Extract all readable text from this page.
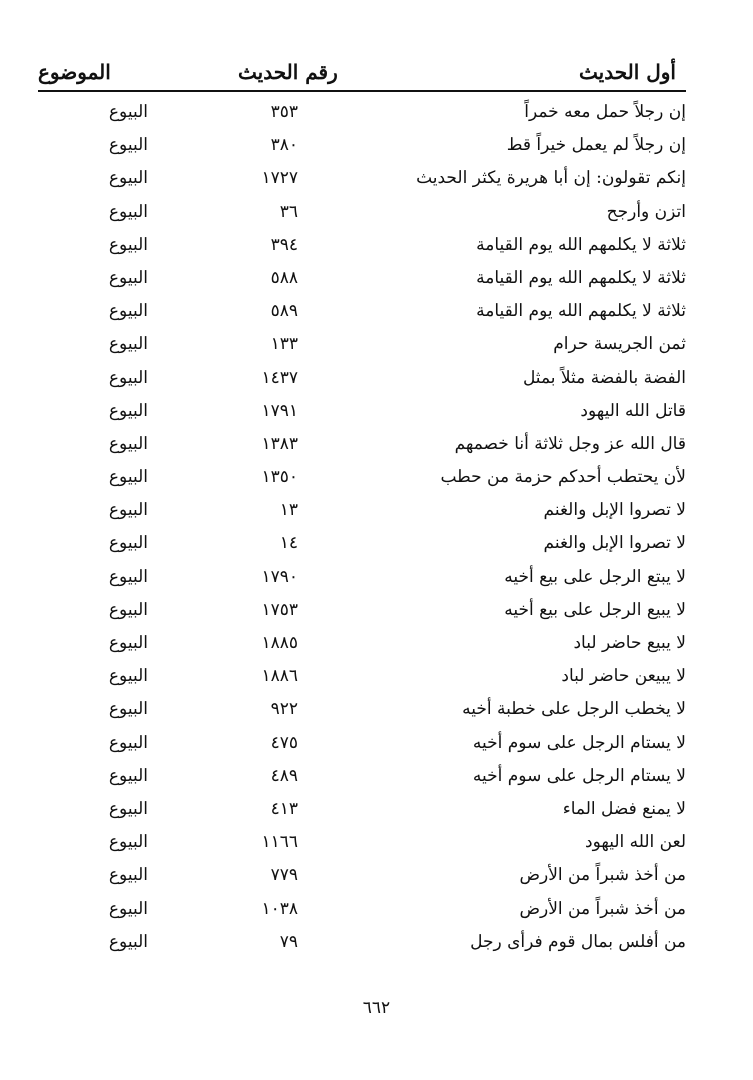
أول الحديث
رقم الحديث
الموضوع
إن رجلاً حمل معه خمراً
٣٥٣
البيوع
إن رجلاً لم يعمل خيراً قط
٣٨٠
البيوع
إنكم تقولون: إن أبا هريرة يكثر الحديث
١٧٢٧
البيوع
اتزن وأرجح
٣٦
البيوع
ثلاثة لا يكلمهم الله يوم القيامة
٣٩٤
البيوع
ثلاثة لا يكلمهم الله يوم القيامة
٥٨٨
البيوع
ثلاثة لا يكلمهم الله يوم القيامة
٥٨٩
البيوع
ثمن الجريسة حرام
١٣٣
البيوع
الفضة بالفضة مثلاً بمثل
١٤٣٧
البيوع
قاتل الله اليهود
١٧٩١
البيوع
قال الله عز وجل ثلاثة أنا خصمهم
١٣٨٣
البيوع
لأن يحتطب أحدكم حزمة من حطب
١٣٥٠
البيوع
لا تصروا الإبل والغنم
١٣
البيوع
لا تصروا الإبل والغنم
١٤
البيوع
لا يبتع الرجل على بيع أخيه
١٧٩٠
البيوع
لا يبيع الرجل على بيع أخيه
١٧٥٣
البيوع
لا يبيع حاضر لباد
١٨٨٥
البيوع
لا يبيعن حاضر لباد
١٨٨٦
البيوع
لا يخطب الرجل على خطبة أخيه
٩٢٢
البيوع
لا يستام الرجل على سوم أخيه
٤٧٥
البيوع
لا يستام الرجل على سوم أخيه
٤٨٩
البيوع
لا يمنع فضل الماء
٤١٣
البيوع
لعن الله اليهود
١١٦٦
البيوع
من أخذ شبراً من الأرض
٧٧٩
البيوع
من أخذ شبراً من الأرض
١٠٣٨
البيوع
من أفلس بمال قوم فرأى رجل
٧٩
البيوع
٦٦٢
